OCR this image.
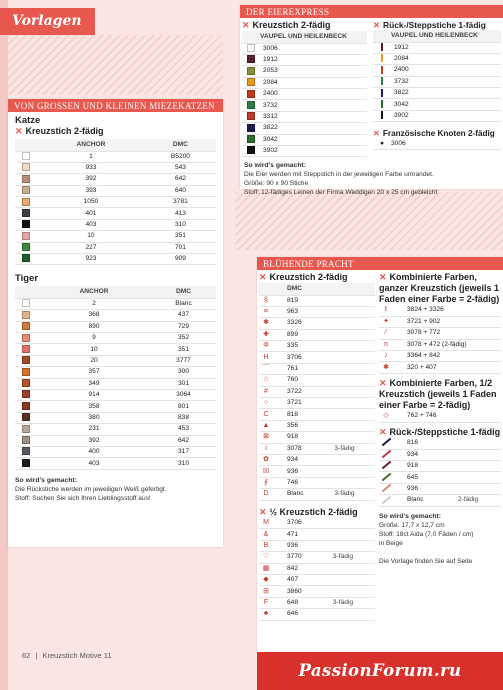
Vorlagen
VON GROSSEN UND KLEINEN MIEZEKATZEN
Katze
✕ Kreuzstich 2-fädig
	ANCHOR	DMC
	1	B5200
	933	543
	392	642
	393	640
	1050	3781
	401	413
	403	310
	10	351
	227	701
	923	909
Tiger
	ANCHOR	DMC
	2	Blanc
	368	437
	890	729
	9	352
	10	351
	20	3777
	357	300
	349	301
	914	3064
	358	801
	380	838
	231	453
	392	642
	400	317
	403	310
So wird's gemacht:
Die Rückstiche werden im jeweiligen Weiß gefertigt.
Stoff: Suchen Sie sich Ihren Lieblingsstoff aus!
DER EIEREXPRESS
✕ Kreuzstich 2-fädig
	VAUPEL UND HEILENBECK
	3006
	1912
	2053
	2084
	2400
	3732
	3312
	3822
	3042
	3902
✕ Rück-/Steppstiche 1-fädig
	VAUPEL UND HEILENBECK
	1912
	2084
	2400
	3732
	3822
	3042
	3902
✕ Französische Knoten 2-fädig
●	3006
So wird's gemacht:
Die Eier werden mit Steppstich in der jeweiligen Farbe umrandet.
Größe: 90 x 90 Stiche
Stoff: 12-fädiges Leinen der Firma Weddigen 20 x 25 cm gebleicht
BLÜHENDE PRACHT
✕ Kreuzstich 2-fädig
	DMC	
§	819	
¤	963	
✱	3326	
✚	899	
Φ	335	
H	3706	
⌒	761	
☆	760	
#	3722	
○	3721	
C	818	
▲	356	
⊠	918	
i	3078	3-fädig
✿	934	
☒	936	
∮	746	
D	Blanc	3-fädig
✕ ½ Kreuzstich 2-fädig
M	3706	
&	471	
B	936	
♡	3770	3-fädig
▦	842	
◆	407	
⊞	3860	
F	648	3-fädig
♣	646	
✕ Kombinierte Farben, ganzer Kreuzstich (jeweils 1 Faden einer Farbe = 2-fädig)
ℓ	3824 + 3326
✦	3721 + 902
⁄	3078 + 772
п	3078 + 472 (2-fädig)
♪	3364 + 842
✱	320 + 407
✕ Kombinierte Farben, 1/2 Kreuzstich (jeweils 1 Faden einer Farbe = 2-fädig)
◇	762 + 746
✕ Rück-/Steppstiche 1-fädig
	816	
	934	
	918	
	645	
	936	
	Blanc	2-fädig
So wird's gemacht:
Größe: 17,7 x 12,7 cm
Stoff: 18ct Aida (7,0 Fäden / cm)
in Beige

Die Vorlage finden Sie auf Seite
62 | Kreuzstich Motive 11
PassionForum.ru
